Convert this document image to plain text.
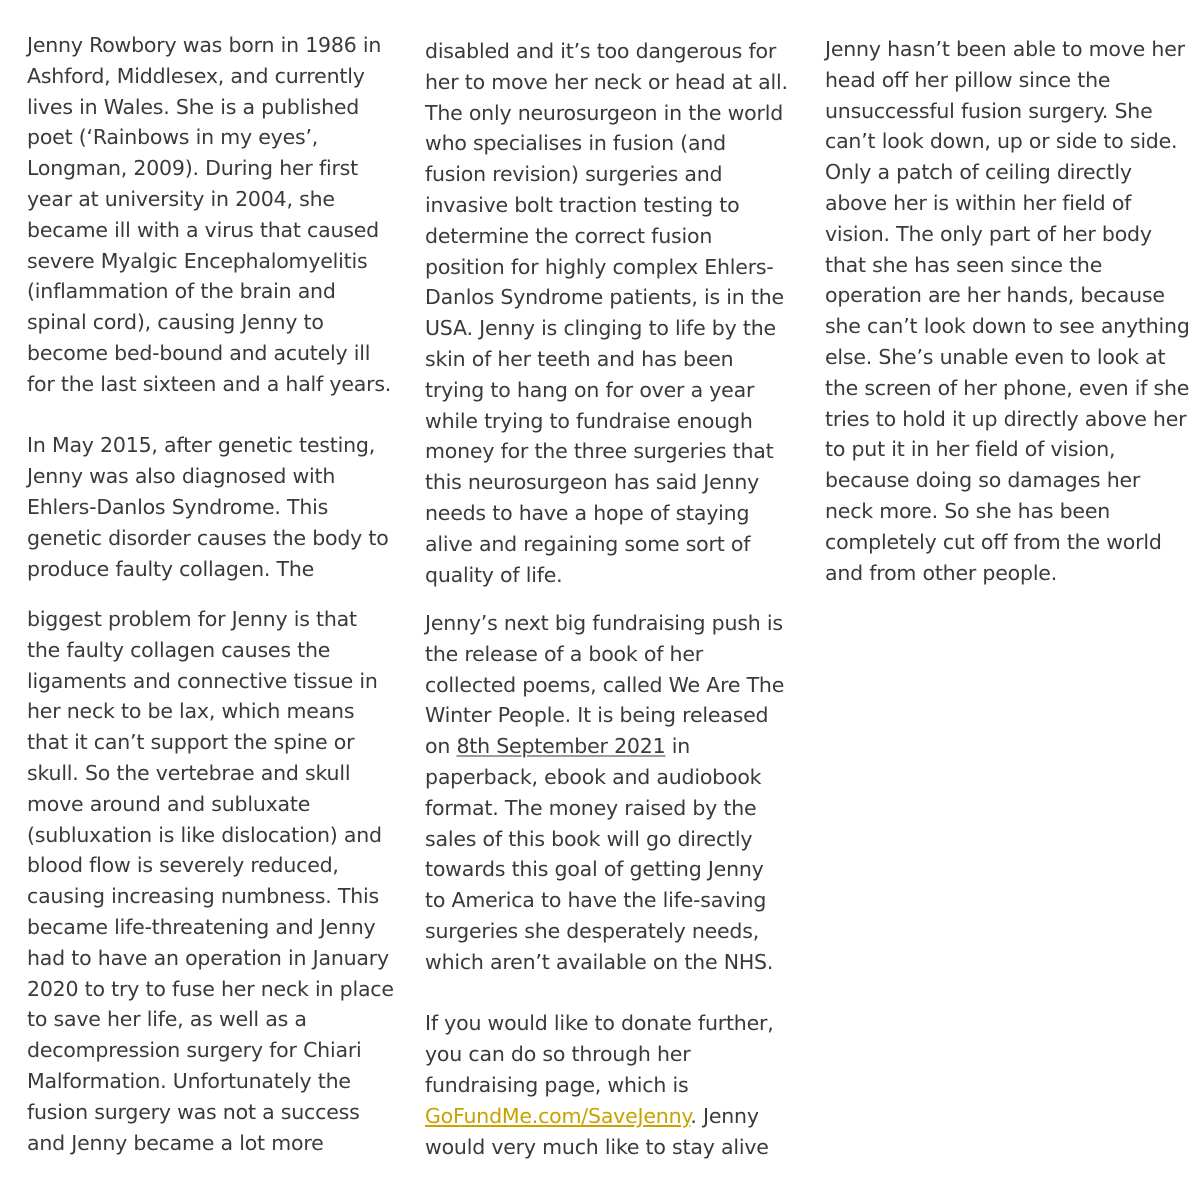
Jenny Rowbory was born in 1986 in
Ashford, Middlesex, and currently
lives in Wales. She is a published
poet (‘Rainbows in my eyes’,
Longman, 2009). During her first
year at university in 2004, she
became ill with a virus that caused
severe Myalgic Encephalomyelitis
(inflammation of the brain and
spinal cord), causing Jenny to
become bed-bound and acutely ill
for the last sixteen and a half years.

In May 2015, after genetic testing,
Jenny was also diagnosed with
Ehlers-Danlos Syndrome. This
genetic disorder causes the body to
produce faulty collagen. The

disabled and it’s too dangerous for
her to move her neck or head at all.
The only neurosurgeon in the world
who specialises in fusion (and
fusion revision) surgeries and
invasive bolt traction testing to
determine the correct fusion
position for highly complex Ehlers-
Danlos Syndrome patients, is in the
USA. Jenny is clinging to life by the
skin of her teeth and has been
trying to hang on for over a year
while trying to fundraise enough
money for the three surgeries that
this neurosurgeon has said Jenny
needs to have a hope of staying
alive and regaining some sort of
quality of life.

Jenny hasn’t been able to move her
head off her pillow since the
unsuccessful fusion surgery. She
can’t look down, up or side to side.
Only a patch of ceiling directly
above her is within her field of
vision. The only part of her body
that she has seen since the
operation are her hands, because
she can’t look down to see anything
else. She’s unable even to look at
the screen of her phone, even if she
tries to hold it up directly above her
to put it in her field of vision,
because doing so damages her
neck more. So she has been
completely cut off from the world
and from other people.

biggest problem for Jenny is that
the faulty collagen causes the
ligaments and connective tissue in
her neck to be lax, which means
that it can’t support the spine or
skull. So the vertebrae and skull
move around and subluxate
(subluxation is like dislocation) and
blood flow is severely reduced,
causing increasing numbness. This
became life-threatening and Jenny
had to have an operation in January
2020 to try to fuse her neck in place
to save her life, as well as a
decompression surgery for Chiari
Malformation. Unfortunately the
fusion surgery was not a success
and Jenny became a lot more

Jenny’s next big fundraising push is
the release of a book of her
collected poems, called We Are The
Winter People. It is being released
on 8th September 2021 in
paperback, ebook and audiobook
format. The money raised by the
sales of this book will go directly
towards this goal of getting Jenny
to America to have the life-saving
surgeries she desperately needs,
which aren’t available on the NHS.

If you would like to donate further,
you can do so through her
fundraising page, which is
GoFundMe.com/SaveJenny. Jenny
would very much like to stay alive
